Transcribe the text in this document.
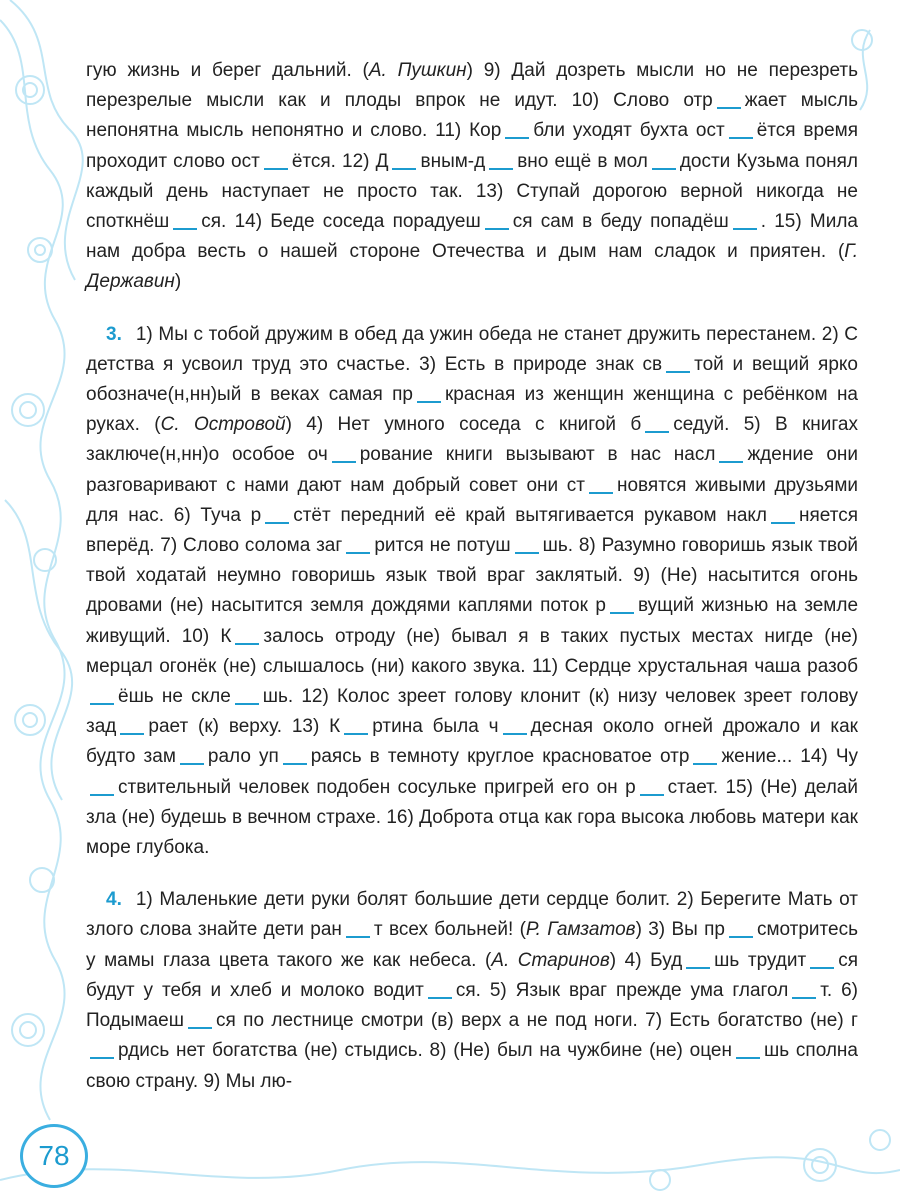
гую жизнь и берег дальний. (А. Пушкин) 9) Дай дозреть мысли но не перезреть перезрелые мысли как и плоды впрок не идут. 10) Слово отр жает мысль непонятна мысль непонятно и слово. 11) Кор бли уходят бухта ост ётся время проходит слово ост ётся. 12) Д вным-д вно ещё в мол дости Кузьма понял каждый день наступает не просто так. 13) Ступай дорогою верной никогда не споткнёш ся. 14) Беде соседа порадуеш ся сам в беду попадёш . 15) Мила нам добра весть о нашей стороне Отечества и дым нам сладок и приятен. (Г. Державин)

3. 1) Мы с тобой дружим в обед да ужин обеда не станет дружить перестанем. 2) С детства я усвоил труд это счастье. 3) Есть в природе знак св той и вещий ярко обозначе(н,нн)ый в веках самая пр красная из женщин женщина с ребёнком на руках. (С. Островой) 4) Нет умного соседа с книгой б седуй. 5) В книгах заключе(н,нн)о особое оч рование книги вызывают в нас насл ждение они разговаривают с нами дают нам добрый совет они ст новятся живыми друзьями для нас. 6) Туча р стёт передний её край вытягивается рукавом накл няется вперёд. 7) Слово солома заг рится не потуш шь. 8) Разумно говоришь язык твой твой ходатай неумно говоришь язык твой враг заклятый. 9) (Не) насытится огонь дровами (не) насытится земля дождями каплями поток р вущий жизнью на земле живущий. 10) К залось отроду (не) бывал я в таких пустых местах нигде (не) мерцал огонёк (не) слышалось (ни) какого звука. 11) Сердце хрустальная чаша разобёшь не скле шь. 12) Колос зреет голову клонит (к) низу человек зреет голову зад рает (к) верху. 13) К ртина была ч десная около огней дрожало и как будто зам рало уп раясь в темноту круглое красноватое отр жение... 14) Чуствительный человек подобен сосульке пригрей его он р стает. 15) (Не) делай зла (не) будешь в вечном страхе. 16) Доброта отца как гора высока любовь матери как море глубока.

4. 1) Маленькие дети руки болят большие дети сердце болит. 2) Берегите Мать от злого слова знайте дети ран т всех больней! (Р. Гамзатов) 3) Вы пр смотритесь у мамы глаза цвета такого же как небеса. (А. Старинов) 4) Буд шь трудит ся будут у тебя и хлеб и молоко водит ся. 5) Язык враг прежде ума глагол т. 6) Подымаеш ся по лестнице смотри (в) верх а не под ноги. 7) Есть богатство (не) грдись нет богатства (не) стыдись. 8) (Не) был на чужбине (не) оцен шь сполна свою страну. 9) Мы лю-

78
